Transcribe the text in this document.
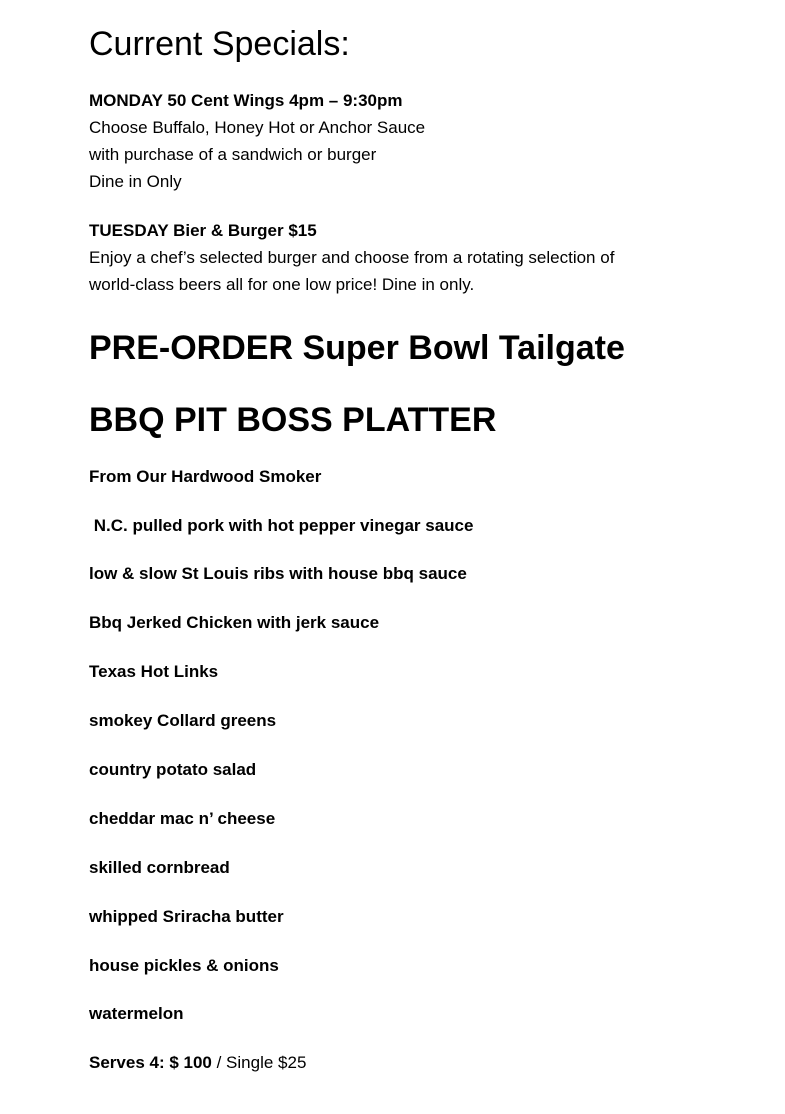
Current Specials:

MONDAY 50 Cent Wings 4pm – 9:30pm
Choose Buffalo, Honey Hot or Anchor Sauce
with purchase of a sandwich or burger
Dine in Only

TUESDAY Bier & Burger $15
Enjoy a chef’s selected burger and choose from a rotating selection of
world-class beers all for one low price! Dine in only.

PRE-ORDER Super Bowl Tailgate
BBQ PIT BOSS PLATTER

From Our Hardwood Smoker

N.C. pulled pork with hot pepper vinegar sauce

low & slow St Louis ribs with house bbq sauce

Bbq Jerked Chicken with jerk sauce

Texas Hot Links

smokey Collard greens

country potato salad

cheddar mac n’ cheese

skilled cornbread

whipped Sriracha butter

house pickles & onions

watermelon

Serves 4: $ 100 / Single $25
